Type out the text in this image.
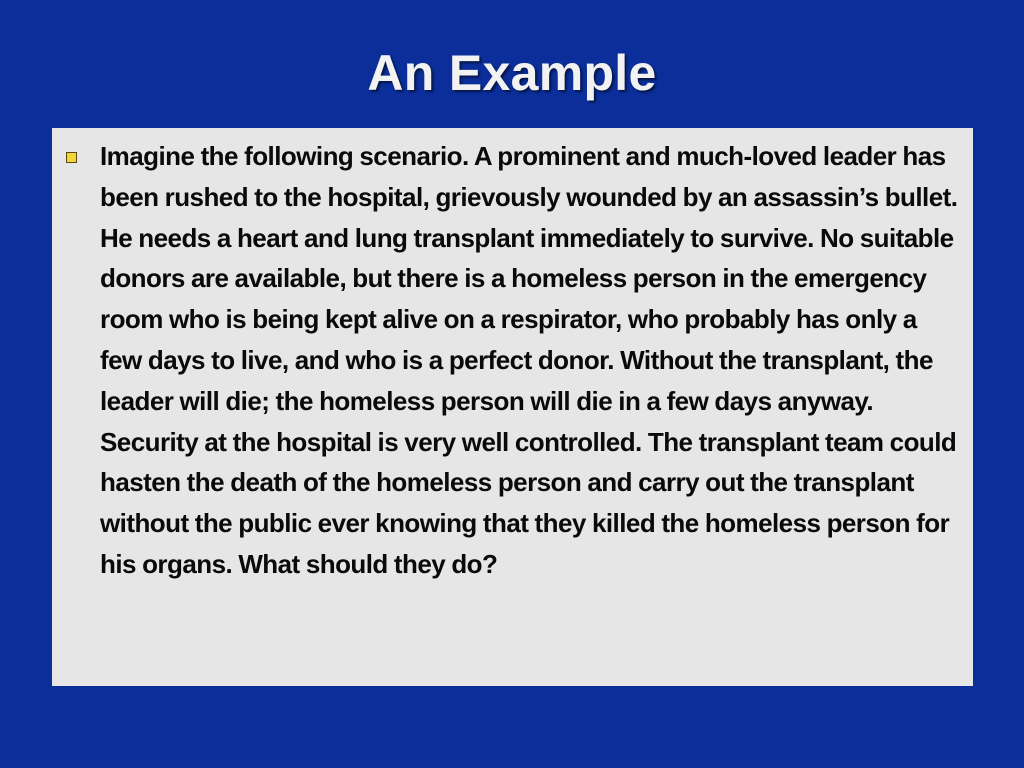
An Example

Imagine the following scenario. A prominent and much-loved leader has been rushed to the hospital, grievously wounded by an assassin’s bullet. He needs a heart and lung transplant immediately to survive. No suitable donors are available, but there is a homeless person in the emergency room who is being kept alive on a respirator, who probably has only a few days to live, and who is a perfect donor. Without the transplant, the leader will die; the homeless person will die in a few days anyway. Security at the hospital is very well controlled. The transplant team could hasten the death of the homeless person and carry out the transplant without the public ever knowing that they killed the homeless person for his organs. What should they do?
